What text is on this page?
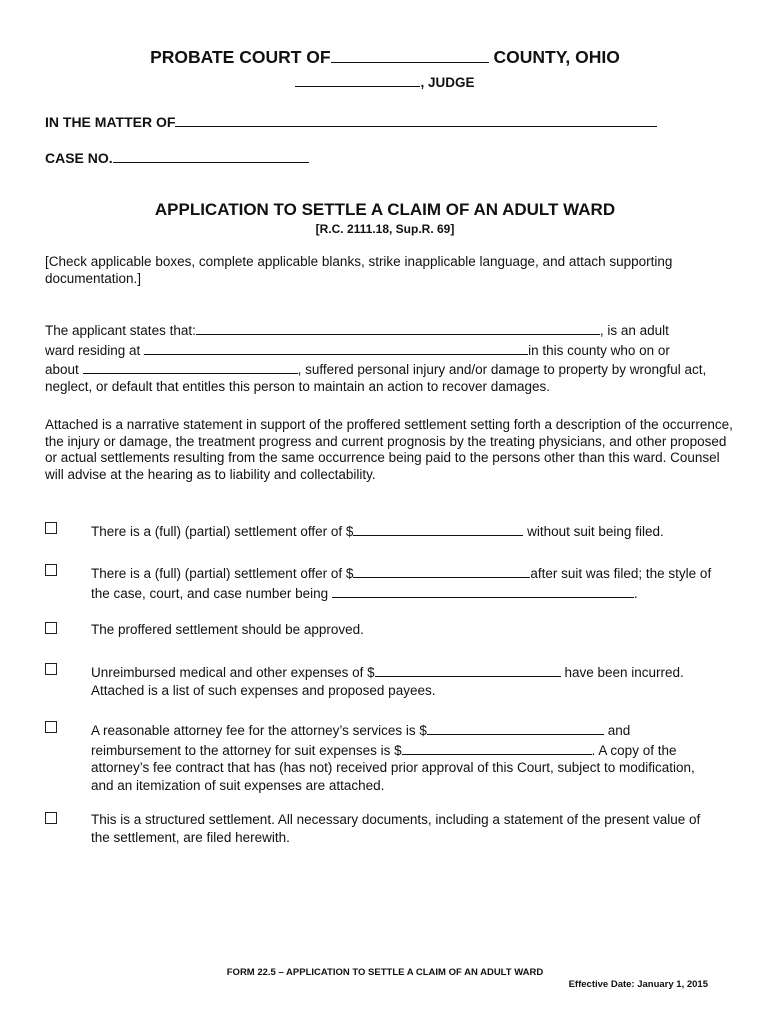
PROBATE COURT OF	COUNTY, OHIO
, JUDGE
IN THE MATTER OF
CASE NO.
APPLICATION TO SETTLE A CLAIM OF AN ADULT WARD
[R.C. 2111.18, Sup.R. 69]
[Check applicable boxes, complete applicable blanks, strike inapplicable language, and attach supporting documentation.]
The applicant states that:	, is an adult
ward residing at	in this county who on or
about	, suffered personal injury and/or damage to property by wrongful act, neglect, or default that entitles this person to maintain an action to recover damages.
Attached is a narrative statement in support of the proffered settlement setting forth a description of the occurrence, the injury or damage, the treatment progress and current prognosis by the treating physicians, and other proposed or actual settlements resulting from the same occurrence being paid to the persons other than this ward. Counsel will advise at the hearing as to liability and collectability.
There is a (full) (partial) settlement offer of $	without suit being filed.
There is a (full) (partial) settlement offer of $	after suit was filed; the style of the case, court, and case number being	.
The proffered settlement should be approved.
Unreimbursed medical and other expenses of $	have been incurred. Attached is a list of such expenses and proposed payees.
A reasonable attorney fee for the attorney’s services is $	and reimbursement to the attorney for suit expenses is $	. A copy of the attorney’s fee contract that has (has not) received prior approval of this Court, subject to modification, and an itemization of suit expenses are attached.
This is a structured settlement. All necessary documents, including a statement of the present value of the settlement, are filed herewith.
FORM 22.5 – APPLICATION TO SETTLE A CLAIM OF AN ADULT WARD
Effective Date: January 1, 2015
